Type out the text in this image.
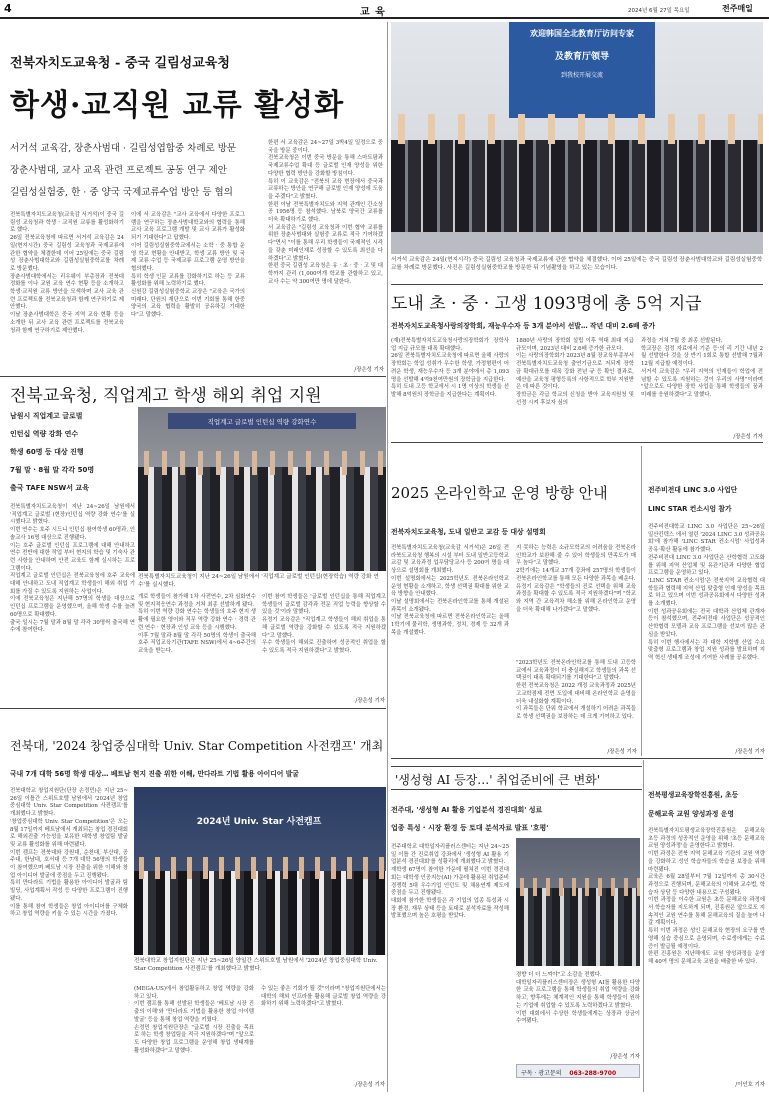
4	교 육	2024년 6월 27일 목요일	전주매일
전북자치도교육청 - 중국 길림성교육청
학생·교직원 교류 활성화
서거석 교육감, 장춘사범대 · 길림성엽합중 차례로 방문
장춘사범대, 교사 교육 관련 프로젝트 공동 연구 제안
길림성실험중, 한 · 중 양국 국제교류수업 방안 등 협의
전북특별자치도교육청(교육감 서거석)이 중국 길림성 교육청과 학생 · 교직원 교류를 활성화하기로 했다.
26일 전북교육청에 따르면 서거석 교육감은 24일(현지시간) 중국 길림성 교육청과 국제교류에 관한 협약을 체결한데 이어 25일에는 중국 길림성 장춘사범대학교와 길림성실험중학교를 차례로 방문했다.
장춘사범대학에서는 리우웨이 부총장과 전북대 정화를 이나 교원 교육 연수 현황 등을 소개하고 학생·교직원 교류 방안을 모색하며 교사 교육 관련 프로젝트를 전북교육청과 함께 연구하기로 제안했다.
이날 장춘사범대학은 중국 지역 교육 현황 등을 소개한 뒤 교사 교육 관련 프로젝트를 전북교육청과 함께 연구하기로 제안했다.
이에 서 교육감은 "교사 교육에서 다양한 프로그램을 연구하는 장춘사범대학교와의 협력을 통해 교사 교육 프로그램 개발 및 교사 교류가 활성화되기 기대한다"고 답했다.
이어 길림성실험중학교에서는 소학 · 중 통합 운영 학교 현황을 안내받고, 학생 교류 방안 및 국제 교류 수업 등 국제교류 프로그램 운영 방안을 협의했다.
특히 학생 인문 교류를 강화하기로 하는 등 교류 활성화를 위해 노력하기로 했다.
신원강 길림성실험중학교 교장은 "교육은 국가의 미래다. 단원의 재단으로 이번 기회를 통해 한중 양국의 교육 협력을 활발히 공유하길 기대한다"고 말했다.
한편 서 교육감은 24~27일 3박4일 일정으로 중국을 방문 중이다.
전북교육청은 이번 중국 방문을 통해 스마트팜과 국제교류수업 확대 등 글로벌 인재 양성을 위한 다양한 협력 방안을 강화할 방침이다.
특히 이 교육감은 "전북의 교육 현장에서 중국과 교류하는 방안을 연구해 글로벌 인재 양성에 도움을 주겠다"고 밝혔다.
한편 이날 전북특별자치도와 지역 관계인 간소상공 1956명 등 참석했다. 남북로 양국간 교류를 더욱 확대하기로 했다.
서 교육감은 "길림성 교육청과 이번 협약 교류를 위한 장춘사범대와 실험중 교류로 적극 기여하겠다"면서 "이를 통해 우리 학생들이 국제적인 시각을 갖춘 미래인재로 성장할 수 있도록 최선을 다하겠다"고 밝혔다.
한편 중국 길림성 교육청은 유 · 초 · 중 · 고 및 대학까지 관리 (1,000여개 학교를 관할하고 있고, 교사 수는 약 300여만 명에 달한다.
/장은성 기자
欢迎韩国全北教育厅访问专家
及教育厅领导
到我校开展交流
서거석 교육감은 24일(현지시각) 중국 길림성 교육청과 국제교류에 관한 협약을 체결했다. 이어 25일에는 중국 길림성 장춘사범대학교와 길림성실험중학교를 차례로 방문했다. 사진은 길림성실험중학교를 방문한 뒤 기념촬영을 하고 있는 모습이다.
도내 초 · 중 · 고생 1093명에 총 5억 지급
전북자치도교육청사랑의장학회, 재능우수자 등 3개 분야서 선발… 작년 대비 2.6배 증가
(재)전북특별자치도교육청사랑의장학회가 장학사업 지급 규모를 대폭 확대했다.
26일 전북특별자치도교육청에 따르면 올해 사랑의장학회는 학업 성취가 우수한 학생, 가정형편이 어려운 학생, 재능우수자 등 3개 분야에서 총 1,093명을 선발해 4억9천여만원의 장학금을 지급한다.
특히 도내 고등 학교에서 시 1명 이상의 학생을 선발해 8억원의 장학금을 지급한다는 계획이다.
1880년 사랑의 장학회 설립 이후 역대 최대 지급규모이며, 2023년 대비 2.6배 증가한 규모다.
이는 사랑의장학회가 2023년 8월 장교육부종부서 전북특별자치도교육청 출연기금으로 저되게 장학금 확대규모를 대폭 강화 전년 규 등 확인 결과로, 예산을 교육청 평형등록의 사항적으로 학부 지원받은 데 따른 것이다.
장학금은 각급 학교의 신청을 받아 교육지원청 및 선정 시켜 후보자 심의
과정을 거쳐 7월 중 최종 선발된다.
학교장은 검정 자료에서 기준 등·의 리 기간 내년 2월 선발한다 것을 상 반기 1회로 통합 선발해 7월과 12월 지급할 예정이다.
서거석 교육감은 "우리 지역의 인재들이 학업에 전념할 수 있도록 지원하는 것이 우리의 사명"이라며 "앞으로도 다양한 장학 사업을 통해 학생들의 꿈과 미래를 응원하겠다"고 말했다.
/장은성 기자
전북교육청, 직업계고 학생 해외 취업 지원
남원시 직업계고 글로벌
인턴십 역량 강화 연수
학생 60명 등 대상 진행
7월 말 · 8월 말 각각 50명
출국 TAFE NSW서 교육
전북특별자치도교육청이 지난 24~26일 남원에서 '직업계고 글로벌 (현장)인턴십 역량 강화 연수'를 실시했다고 밝혔다.
이번 연수는 호주 시드니 인턴십 참여학생 60명과, 인솔교사 16명 대상으로 진행됐다.
이는 호주 글로벌 인턴십 프로그램에 대해 안내하고 연수 전반에 대한 작업 부터 현지의 학습 및 기숙사 관련 사항을 안내하며 안전 교육도 함께 실시하는 프로그램이다.
직업계고 글로벌 인턴십은 전북교육청에 호주 교육에 대해 안내하고 도내 직업계고 학생들이 해외 취업 기회를 가질 수 있도록 지원하는 사업이다.
이에 전북교육청은 지난해 57명의 학생을 대상으로 인턴십 프로그램을 운영했으며, 올해 학생 수를 늘려 60명으로 확대했다.
출국 일시는 7월 말과 8월 말 각각 30명씩 출국해 연수에 참여한다.
직업계고 글로벌 인턴십 역량 강화연수
전북특별자치도교육청이 지난 24~26일 남원에서 '직업계고 글로벌 인턴십(현장학습) 역량 강화 연수'를 실시했다.
개로 학생들이 참가해 1차 사전연수, 2차 심화연수 및 현지적응연수 과정을 거쳐 최종 선발하게 됐다.
특히 이번 역량 강화 연수는 학생들의 호주 현지 생활에 필요한 영어와 직무 역량 강화 연수 · 경력 관련 연수 · 현장과 인성 교육 등을 시행했다.
이후 7월 말과 8월 말 각각 50명의 학생이 출국해 호주 직업교육기관(TAFE NSW)에서 4~6주간의 교육을 받는다.
이번 참여 학생들은 '글로벌 인턴십을 통해 직업계고 학생들이 글로벌 감각과 전문 직업 능력을 향상할 수 있을 것'이라 말했다.
유정기 교육감은 "직업계고 학생들이 해외 취업을 통해 글로벌 역량을 강화할 수 있도록 적극 지원하겠다"고 말했다.
우수 학생들이 해외로 진출하여 성공적인 취업을 할 수 있도록 적극 지원하겠다"고 밝혔다.
/장은성 기자
2025 온라인학교 운영 방향 안내
전북자치도교육청, 도내 일반고 교감 등 대상 설명회
전북특별자치도교육청(교육감 서거석)은 26일 전라북도교육청 행복의 시설 부터 도내 일반고등학교 교감 및 교육과정 업무담당교사 등 200여 명을 대상으로 설명회를 개최했다.
이번 설명회에서는 2025학년도 전북온라인학교 운영 현황을 소개하고, 학생 선택권 확대를 위한 교육 방향을 안내했다.
이날 설명회에서는 전북온라인학교를 통해 개설된 과목이 소개됐다.
이날 전북교육청에 따르면 전북온라인학교는 올해 1학기에 물리학, 생명과학, 정치, 경제 등 32개 과목을 개설했다.
지 못하는 능력은 소규모학교의 어려움을 전북온라인학교가 보완해 줄 수 있어 학생들의 만족도가 매우 높다"고 말했다.
2학기에는 14개교 37개 강좌에 257명의 학생들이 전북온라인학교를 통해 모든 다양한 과목을 배운다.
유정기 교육감은 "학생들의 진로 선택을 위해 교육과정을 확대할 수 있도록 적극 지원하겠다"며 "학교와 지역 간 교육격차 해소를 위해 온라인학교 운영을 더욱 확대해 나가겠다"고 말했다.
"2023학년도 전북온라인학교를 통해 도내 고등학교에서 교육과정이 더 충실해지고 학생들의 과목 선택권이 대폭 확대되기를 기대한다"고 말했다.
한편 전북교육청은 2022 개정 교육과정과 2025년 고교학점제 전면 도입에 대비해 온라인학교 운영을 더욱 내실화할 계획이다.
이 과목들은 단위 학교에서 개설하기 어려운 과목들로 학생 선택권을 보장하는 데 크게 기여하고 있다.
/장은성 기자
전주비전대 LINC 3.0 사업단
LINC STAR 컨소시엄 참가
전주비전대학교 LINC 3.0 사업단은 25~26일 일산킨텍스 에서 열린 '2024 LINC 3.0 성과공유회'에 참가해 'LINC STAR 컨소시엄' 사업성과 공유·확산 활동에 참가했다.
전주비전대 LINC 3.0 사업단은 산학협력 고도화를 위해 지역 산업체 및 유관기관과 다양한 협업 프로그램을 운영하고 있다.
'LINC STAR 컨소시엄'은 전북지역 교육협력 대학들과 협력해 지역 산업 맞춤형 인재 양성을 목표로 하고 있으며 이번 성과공유회에서 다양한 성과를 소개했다.
이번 성과공유회에는 전국 대학과 산업체 관계자 등이 참석했으며, 전주비전대 사업단은 성공적인 산학협력 모델과 교육 프로그램을 선보여 많은 관심을 받았다.
특히 이번 행사에서는 각 대학 지학별 산업 수요 맞춤형 프로그램과 창업 지원 성과를 발표하며 지역 혁신 생태계 조성에 기여한 사례를 공유했다.
/장은성 기자
전북대, '2024 창업중심대학 Univ. Star Competition 사전캠프' 개최
국내 7개 대학 56명 학생 대상… 베트남 현지 진출 위한 이해, 만다라트 기법 활용 아이디어 발굴
전북대학교 창업지원단(단장 손정민)은 지난 25~26일 이틀간 스위트호텔 남원에서 '2024년 창업중심대학 Univ. Star Competition 사전캠프'를 개최했다고 밝혔다.
'창업중심대학 Univ. Star Competition'은 오는 8월 17일까지 베트남에서 개최되는 창업 경진대회로 해외진출 가능성을 보유한 대학생 창업팀 발굴 및 교류 활성화를 위해 마련됐다.
이번 캠프는 전북대와 강원대, 순천대, 부산대, 공주대, 한남대, 호서대 등 7개 대학 56명의 학생들이 참여했으며 베트남 시장 진출을 위한 이해와 창업 아이디어 발굴에 중점을 두고 진행됐다.
특히 만다라트 기법을 활용한 아이디어 발굴과 팀 빌딩, 사업계획서 작성 등 다양한 프로그램이 진행됐다.
이를 통해 참여 학생들은 창업 아이디어를 구체화하고 창업 역량을 키울 수 있는 시간을 가졌다.
2024년 Univ. Star 사전캠프
전북대학교 창업지원단은 지난 25~26일 양일간 스위트호텔 남원에서 '2024년 창업중심대학 Univ. Star Competition 사전캠프'를 개최했다고 밝혔다.
(MEGA-US)에서 참업활동하고 창업 역량을 강화하고 있다.
이번 캠프를 통해 선발된 학생들은 '베트남 시장 진출의 이해'와 '만다라트 기법을 활용한 창업 아이템 발굴' 등을 통해 창업 역량을 키웠다.
손정민 창업지원단장은 "글로벌 시장 진출을 목표로 하는 학생 창업팀을 적극 지원하겠다"며 "앞으로도 다양한 창업 프로그램을 운영해 창업 생태계를 활성화하겠다"고 말했다.
수 있는 좋은 기회가 될 것"이라며 "창업지원단에서는 대학의 해외 인프라를 활용해 글로벌 창업 역량을 강화하기 위해 노력하겠다"고 밝혔다.
/장은성 기자
'생성형 AI 등장…' 취업준비에 큰 변화'
전주대, '생성형 AI 활용 기업분석 경진대회' 성료
업종 특성 · 시장 환경 등 토대 분석자료 발표 '호평'
전주대학교 대학일자리플러스센터는 지난 24~25일 이틀 간 진로취업 강좌에서 '생성형 AI 활용 기업분석 경진대회'를 성황리에 개최했다고 밝혔다.
재학생 67명이 참여한 가운데 펼쳐진 이번 경진대회는 대학생 인공지능(AI) 가운데 활용된 취업준비 경쟁력 5대 우수기업 인턴도 및 채용연계 제도에 중점을 두고 진행됐다.
대회에 참가한 학생들은 각 기업의 업종 특성과 시장 환경, 재무 상태 등을 토대로 분석자료를 작성해 발표했으며 높은 호평을 받았다.
경향 더 더 느껴야"고 소감을 전했다.
대학일자리플러스센터장은 생성형 AI를 활용한 다양한 교육 프로그램을 통해 학생들의 취업 역량을 강화하고, 향후에는 체계적인 지원을 통해 학생들이 원하는 기업에 취업할 수 있도록 노력하겠다고 밝혔다.
이번 대회에서 수상한 학생들에게는 상장과 상금이 수여됐다.
/장은성 기자
구독 · 광고문의 063-288-9700
전북평생교육장학진흥원, 초등
문해교육 교원 양성과정 운영
전북특별자치도평생교육장학진흥원은 문해교육 초등 과정의 성공적인 운영을 위해 '초등 문해교육 교원 양성과정'을 운영한다고 밝혔다.
이번 과정은 전북 지역 문해교육 기관의 교원 역량을 강화하고 성인 학습자들의 학습권 보장을 위해 마련됐다.
교육은 6월 28일부터 7월 12일까지 총 30시간 과정으로 진행되며, 문해교육의 이해와 교수법, 학습자 상담 등 다양한 내용으로 구성됐다.
이번 과정을 이수한 교원은 초등 문해교육 과정에서 학습자를 지도하게 되며, 진흥원은 앞으로도 지속적인 교원 연수를 통해 문해교육의 질을 높여 나갈 계획이다.
특히 이번 과정은 성인 문해교육 현장의 요구를 반영해 실습 중심으로 운영되며, 수료생에게는 수료증이 발급될 예정이다.
한편 진흥원은 지난해에도 교원 양성과정을 운영해 40여 명의 문해교육 교원을 배출한 바 있다.
/이인호 기자
